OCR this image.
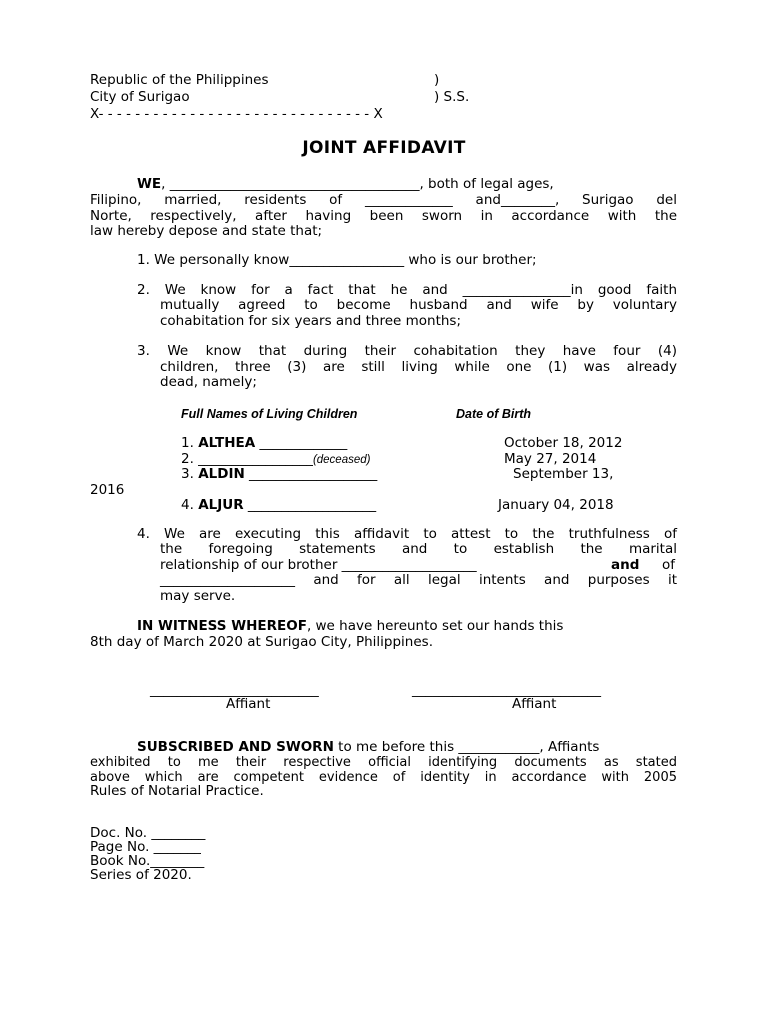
Republic of the Philippines	)
City of Surigao	) S.S.
X- - - - - - - - - - - - - - - - - - - - - - - - - - - - - - X
JOINT AFFIDAVIT
WE, _____________________________________, both of legal ages,
Filipino, married, residents of _____________ and________, Surigao del
Norte, respectively, after having been sworn in accordance with the
law hereby depose and state that;
1. We personally know_________________ who is our brother;
2. We know for a fact that he and ________________in good faith
mutually agreed to become husband and wife by voluntary
cohabitation for six years and three months;
3. We know that during their cohabitation they have four (4)
children, three (3) are still living while one (1) was already
dead, namely;
Full Names of Living Children	Date of Birth
1. ALTHEA _____________	October 18, 2012
2. _________________(deceased)	May 27, 2014
3. ALDIN ___________________	September 13,
2016
4. ALJUR ___________________	January 04, 2018
4. We are executing this affidavit to attest to the truthfulness of
the foregoing statements and to establish the marital
relationship of our brother ____________________	and of
____________________ and for all legal intents and purposes it
may serve.
IN WITNESS WHEREOF, we have hereunto set our hands this
8th day of March 2020 at Surigao City, Philippines.
_________________________	____________________________
Affiant	Affiant
SUBSCRIBED AND SWORN to me before this ____________, Affiants
exhibited to me their respective official identifying documents as stated
above which are competent evidence of identity in accordance with 2005
Rules of Notarial Practice.
Doc. No. ________
Page No. _______
Book No.________
Series of 2020.
